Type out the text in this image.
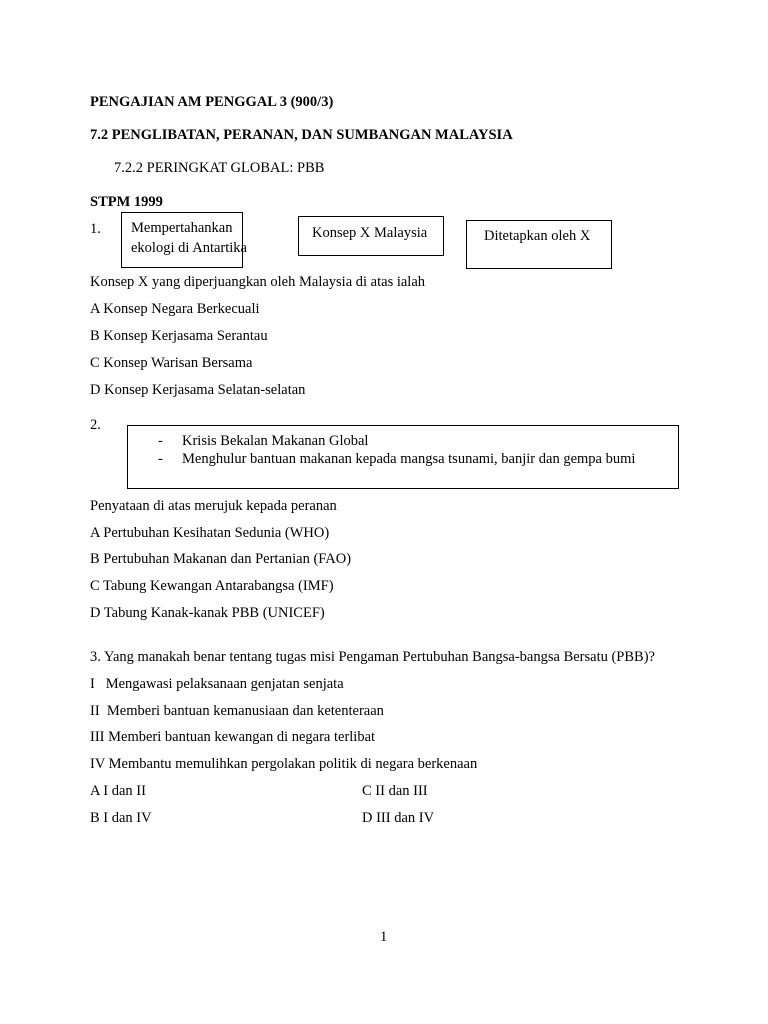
PENGAJIAN AM PENGGAL 3 (900/3)
7.2 PENGLIBATAN, PERANAN, DAN SUMBANGAN MALAYSIA
7.2.2 PERINGKAT GLOBAL: PBB
STPM 1999
1. Mempertahankan
ekologi di Antartika
Konsep X Malaysia	Ditetapkan oleh X
Konsep X yang diperjuangkan oleh Malaysia di atas ialah
A Konsep Negara Berkecuali
B Konsep Kerjasama Serantau
C Konsep Warisan Bersama
D Konsep Kerjasama Selatan-selatan
2.
- Krisis Bekalan Makanan Global
- Menghulur bantuan makanan kepada mangsa tsunami, banjir dan gempa bumi
Penyataan di atas merujuk kepada peranan
A Pertubuhan Kesihatan Sedunia (WHO)
B Pertubuhan Makanan dan Pertanian (FAO)
C Tabung Kewangan Antarabangsa (IMF)
D Tabung Kanak-kanak PBB (UNICEF)
3. Yang manakah benar tentang tugas misi Pengaman Pertubuhan Bangsa-bangsa Bersatu (PBB)?
I   Mengawasi pelaksanaan genjatan senjata
II  Memberi bantuan kemanusiaan dan ketenteraan
III Memberi bantuan kewangan di negara terlibat
IV Membantu memulihkan pergolakan politik di negara berkenaan
A I dan II	C II dan III
B I dan IV	D III dan IV
1
